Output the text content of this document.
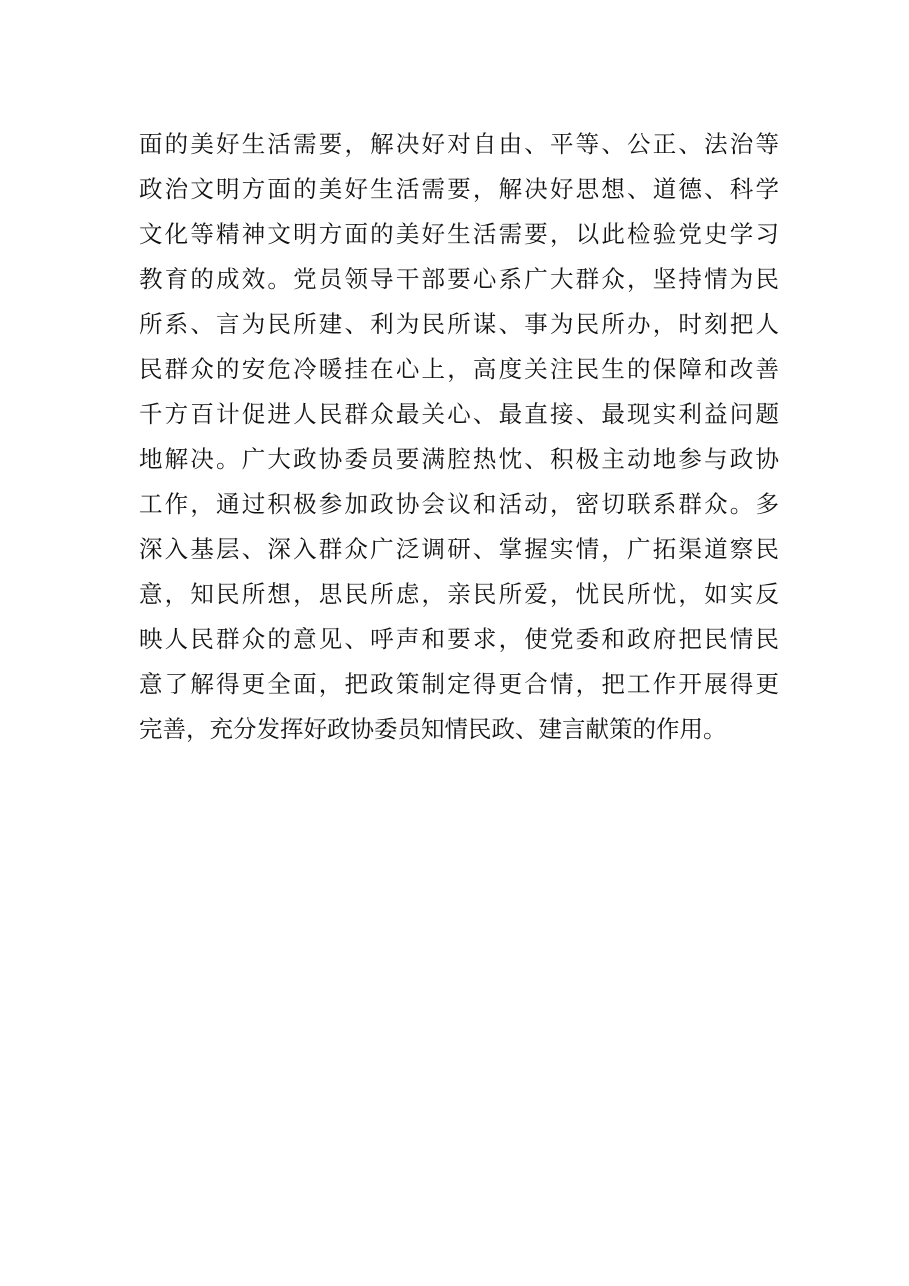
面的美好生活需要，解决好对自由、平等、公正、法治等
政治文明方面的美好生活需要，解决好思想、道德、科学
文化等精神文明方面的美好生活需要，以此检验党史学习
教育的成效。党员领导干部要心系广大群众，坚持情为民
所系、言为民所建、利为民所谋、事为民所办，时刻把人
民群众的安危冷暖挂在心上，高度关注民生的保障和改善
千方百计促进人民群众最关心、最直接、最现实利益问题
地解决。广大政协委员要满腔热忱、积极主动地参与政协
工作，通过积极参加政协会议和活动，密切联系群众。多
深入基层、深入群众广泛调研、掌握实情，广拓渠道察民
意，知民所想，思民所虑，亲民所爱，忧民所忧，如实反
映人民群众的意见、呼声和要求，使党委和政府把民情民
意了解得更全面，把政策制定得更合情，把工作开展得更
完善，充分发挥好政协委员知情民政、建言献策的作用。
